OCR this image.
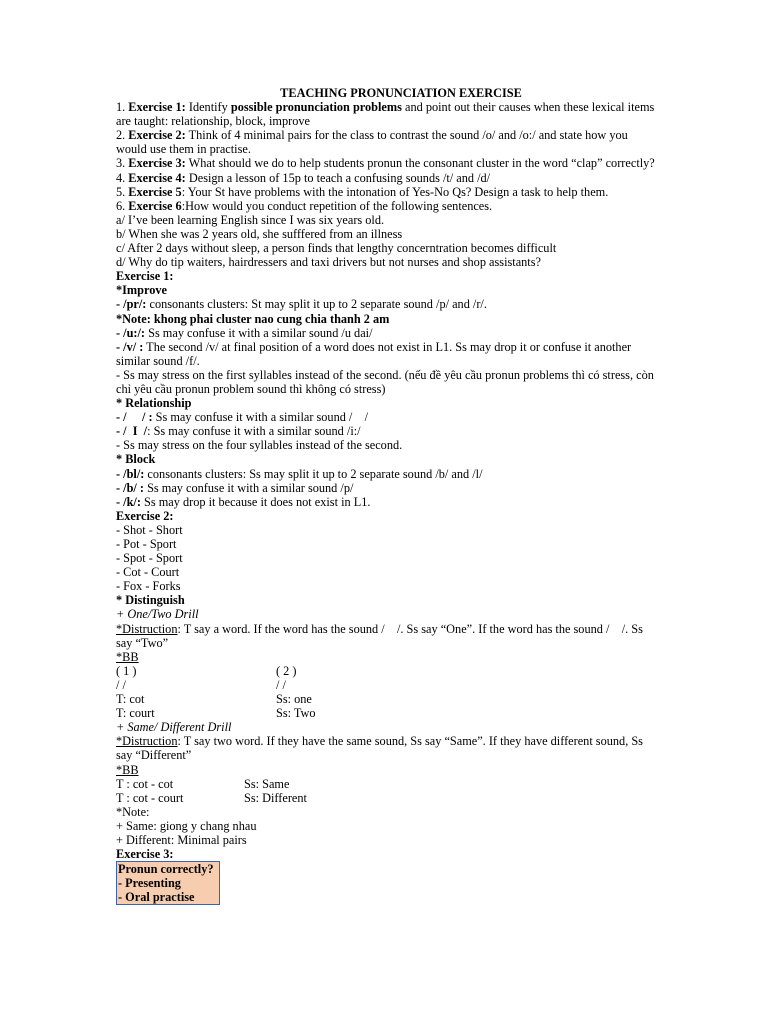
TEACHING PRONUNCIATION EXERCISE
1. Exercise 1: Identify possible pronunciation problems and point out their causes when these lexical items are taught: relationship, block, improve
2. Exercise 2: Think of 4 minimal pairs for the class to contrast the sound /o/ and /o:/ and state how you would use them in practise.
3. Exercise 3: What should we do to help students pronun the consonant cluster in the word “clap” correctly?
4. Exercise 4: Design a lesson of 15p to teach a confusing sounds /t/ and /d/
5. Exercise 5: Your St have problems with the intonation of Yes-No Qs? Design a task to help them.
6. Exercise 6:How would you conduct repetition of the following sentences.
a/ I’ve been learning English since I was six years old.
b/ When she was 2 years old, she sufffered from an illness
c/ After 2 days without sleep, a person finds that lengthy concerntration becomes difficult
d/ Why do tip waiters, hairdressers and taxi drivers but not nurses and shop assistants?
Exercise 1:
*Improve
- /pr/: consonants clusters: St may split it up to 2 separate sound /p/ and /r/.
*Note: khong phai cluster nao cung chia thanh 2 am
- /u:/: Ss may confuse it with a similar sound /u dai/
- /v/ : The second /v/ at final position of a word does not exist in L1. Ss may drop it or confuse it another similar sound /f/.
- Ss may stress on the first syllables instead of the second. (nếu đề yêu cầu pronun problems thì có stress, còn chỉ yêu cầu pronun problem sound thì không có stress)
* Relationship
- /     / : Ss may confuse it with a similar sound /    /
- /  I  /: Ss may confuse it with a similar sound /i:/
- Ss may stress on the four syllables instead of the second.
* Block
- /bl/: consonants clusters: Ss may split it up to 2 separate sound /b/ and /l/
- /b/ : Ss may confuse it with a similar sound /p/
- /k/: Ss may drop it because it does not exist in L1.
Exercise 2:
- Shot - Short
- Pot - Sport
- Spot - Sport
- Cot - Court
- Fox - Forks
* Distinguish
+ One/Two Drill
*Distruction: T say a word. If the word has the sound /    /. Ss say “One”. If the word has the sound /    /. Ss say “Two”
*BB
( 1 )	( 2 )
/ /	/ /
T: cot	Ss: one
T: court	Ss: Two
+ Same/ Different Drill
*Distruction: T say two word. If they have the same sound, Ss say “Same”. If they have different sound, Ss say “Different”
*BB
T : cot - cot	Ss: Same
T : cot - court	Ss: Different
*Note:
+ Same: giong y chang nhau
+ Different: Minimal pairs
Exercise 3:
Pronun correctly?
- Presenting
- Oral practise
